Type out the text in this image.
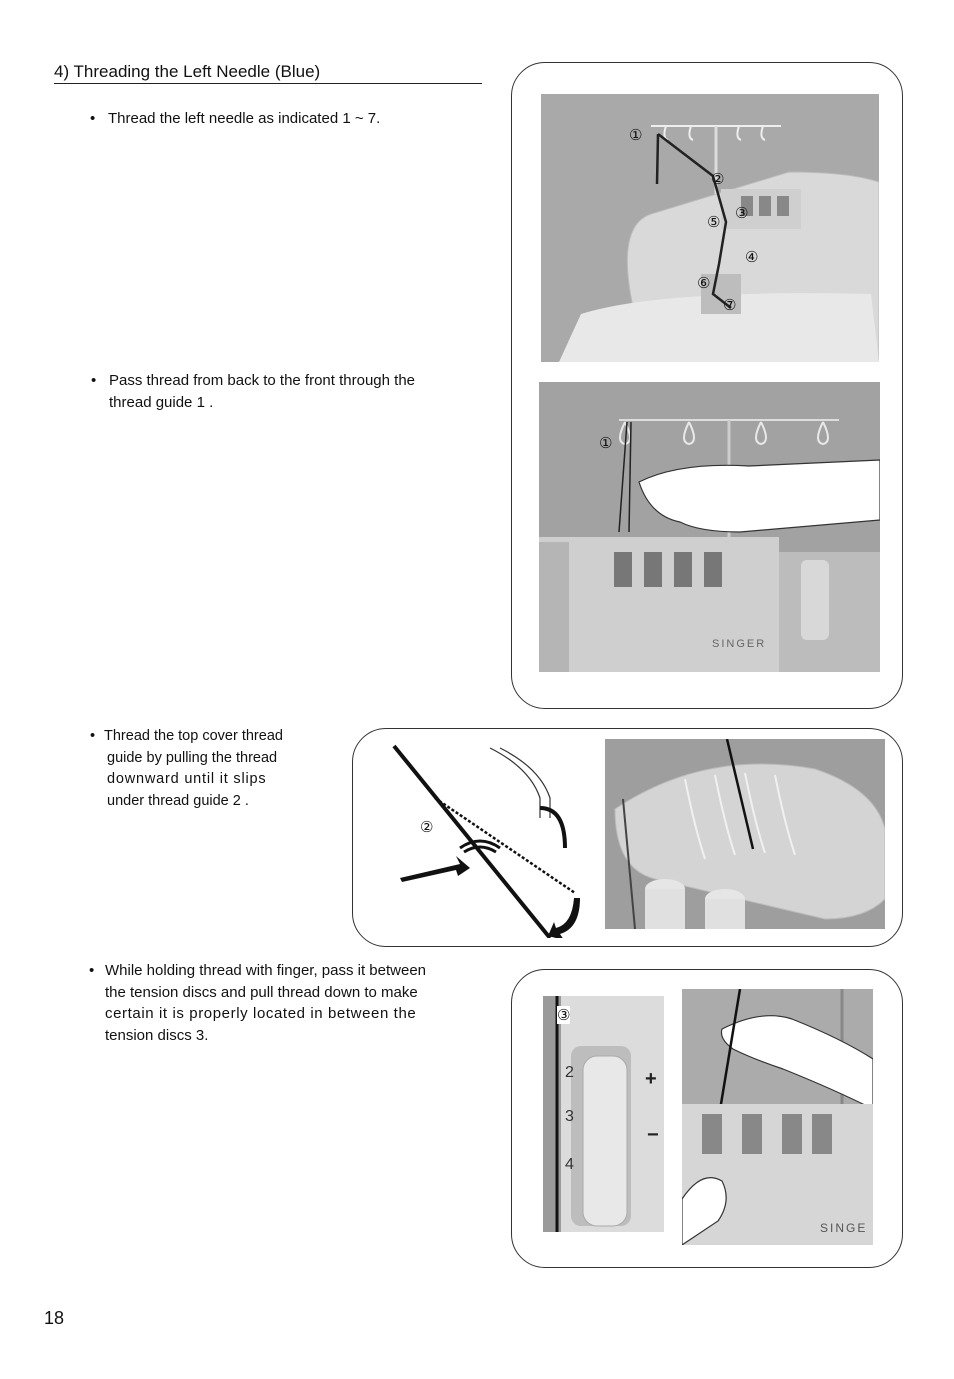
4) Threading the Left Needle (Blue)
• Thread the left needle as indicated 1 ~ 7.
• Pass thread from back to the front through the
thread guide 1 .
• Thread the top cover thread
guide by pulling the thread
downward until it slips
under thread guide 2 .
• While holding thread with finger, pass it between
the tension discs and pull thread down to make
certain it is properly located in between the
tension discs 3.
①
②
③
⑤
④
⑥
⑦
①
SINGER
②
2
3
4
+
−
③
SINGE
18
